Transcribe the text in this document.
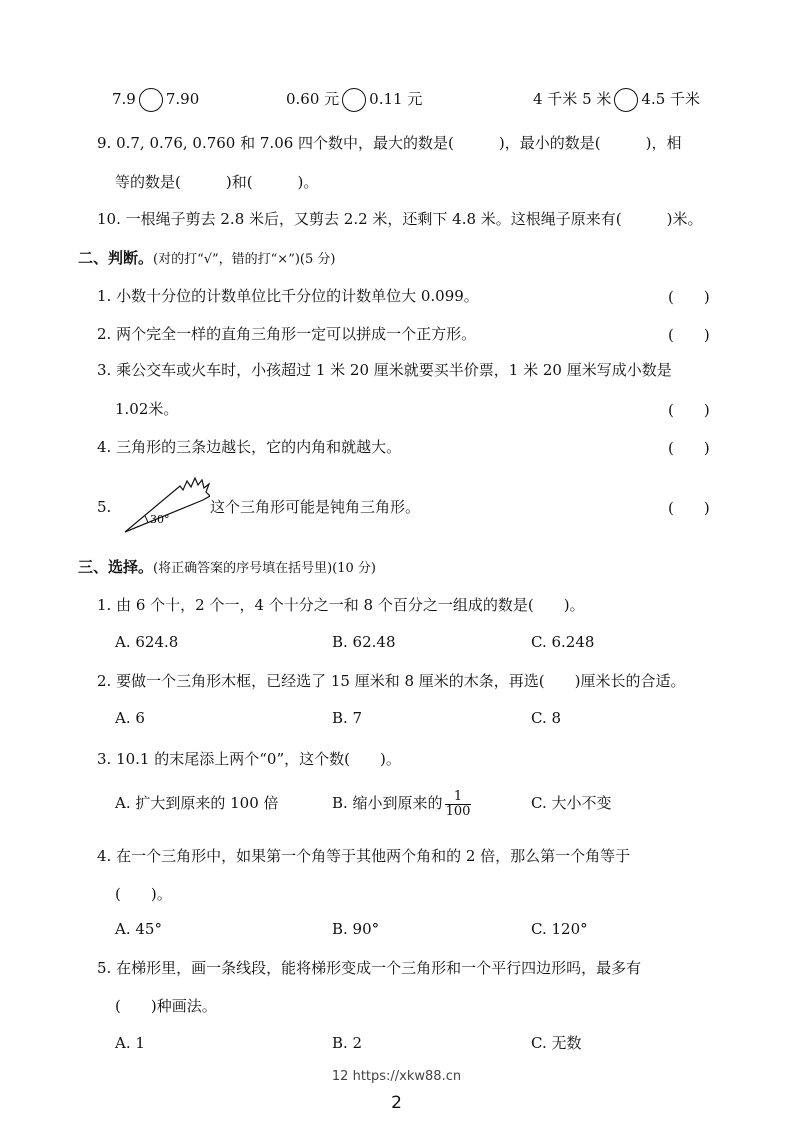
7.9 7.90	0.60 元 0.11 元	4 千米 5 米 4.5 千米
9. 0.7, 0.76, 0.760 和 7.06 四个数中，最大的数是(　　　)，最小的数是(　　　)，相
等的数是(　　　)和(　　　)。
10. 一根绳子剪去 2.8 米后，又剪去 2.2 米，还剩下 4.8 米。这根绳子原来有(　　　)米。
二、判断。(对的打“√”，错的打“×”)(5 分)
1. 小数十分位的计数单位比千分位的计数单位大 0.099。	(　　)
2. 两个完全一样的直角三角形一定可以拼成一个正方形。	(　　)
3. 乘公交车或火车时，小孩超过 1 米 20 厘米就要买半价票，1 米 20 厘米写成小数是
1.02米。	(　　)
4. 三角形的三条边越长，它的内角和就越大。	(　　)
5.
30°
这个三角形可能是钝角三角形。	(　　)
三、选择。(将正确答案的序号填在括号里)(10 分)
1. 由 6 个十，2 个一，4 个十分之一和 8 个百分之一组成的数是(　　)。
A. 624.8	B. 62.48	C. 6.248
2. 要做一个三角形木框，已经选了 15 厘米和 8 厘米的木条，再选(　　)厘米长的合适。
A. 6	B. 7	C. 8
3. 10.1 的末尾添上两个“0”，这个数(　　)。
A. 扩大到原来的 100 倍	B. 缩小到原来的 $\frac{1}{100}$	C. 大小不变
4. 在一个三角形中，如果第一个角等于其他两个角和的 2 倍，那么第一个角等于
(　　)。
A. 45°	B. 90°	C. 120°
5. 在梯形里，画一条线段，能将梯形变成一个三角形和一个平行四边形吗，最多有
(　　)种画法。
A. 1	B. 2	C. 无数
12 https://xkw88.cn
2
